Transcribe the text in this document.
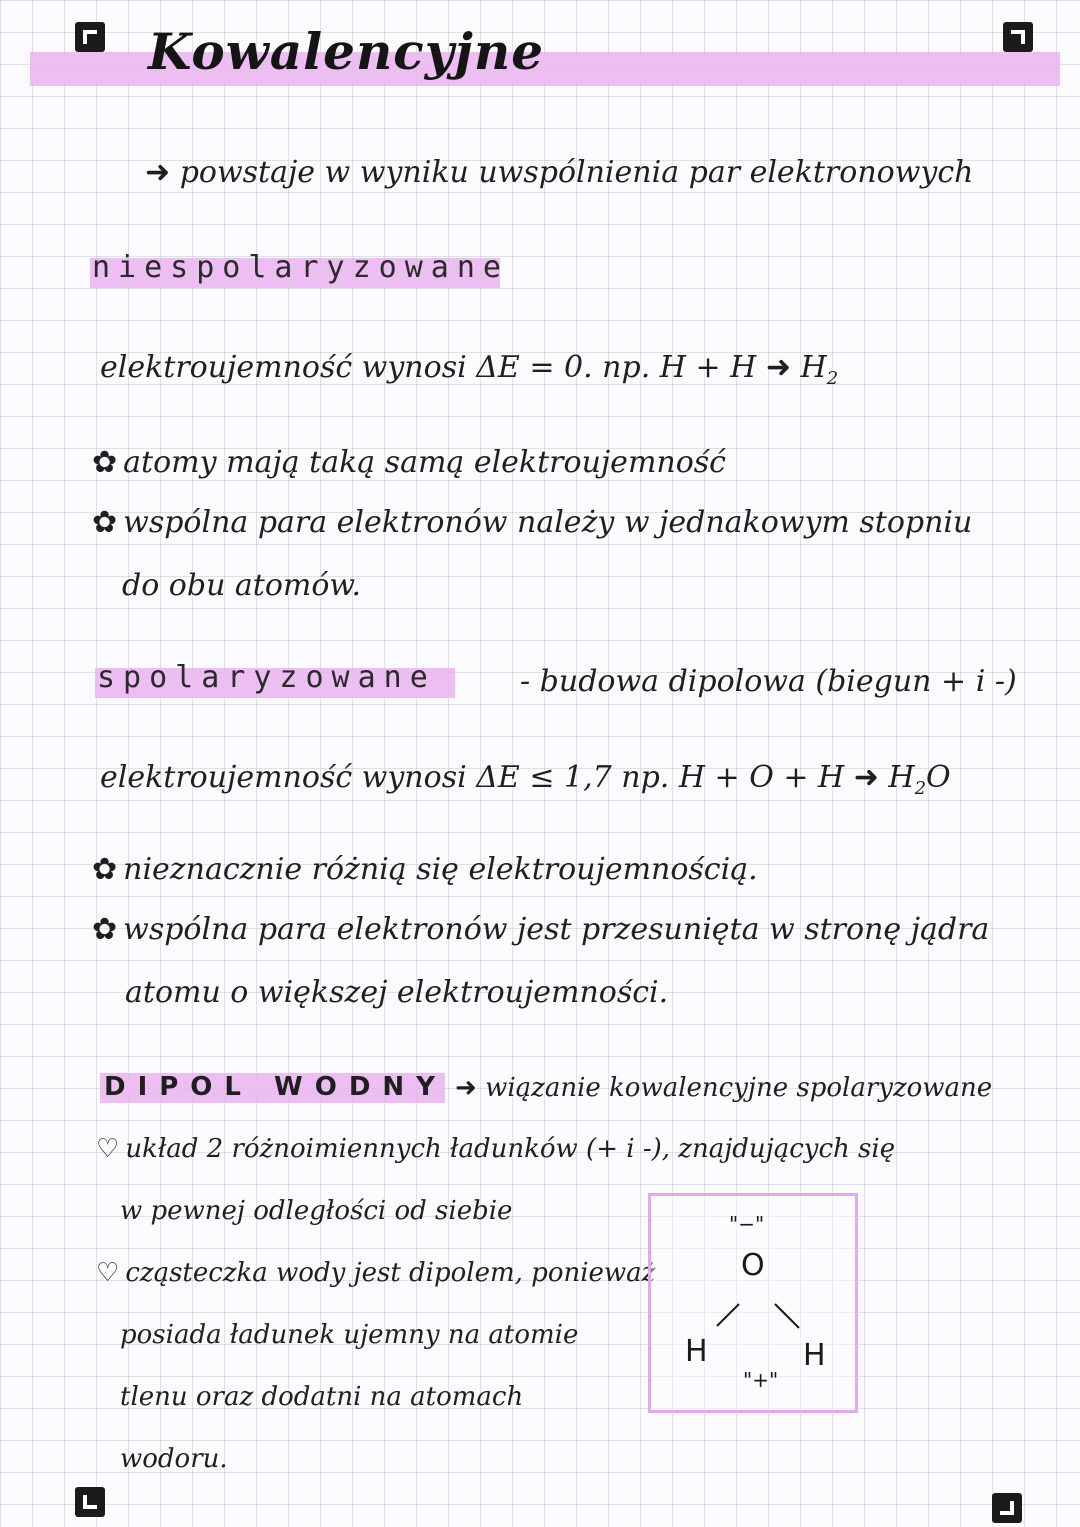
Kowalencyjne
➜ powstaje w wyniku uwspólnienia par elektronowych
niespolaryzowane
elektroujemność wynosi ΔE = 0. np. H + H ➜ $H_2$
✿ atomy mają taką samą elektroujemność
✿ wspólna para elektronów należy w jednakowym stopniu
do obu atomów.
spolaryzowane	- budowa dipolowa (biegun + i -)
elektroujemność wynosi ΔE ≤ 1,7 np. H + O + H ➜ $H_2O$
✿ nieznacznie różnią się elektroujemnością.
✿ wspólna para elektronów jest przesunięta w stronę jądra
atomu o większej elektroujemności.
DIPOL WODNY ➜ wiązanie kowalencyjne spolaryzowane
♡ układ 2 różnoimiennych ładunków (+ i -), znajdujących się
w pewnej odległości od siebie
♡ cząsteczka wody jest dipolem, ponieważ
posiada ładunek ujemny na atomie
tlenu oraz dodatni na atomach
wodoru.
"−"
O
H	H
"+"
